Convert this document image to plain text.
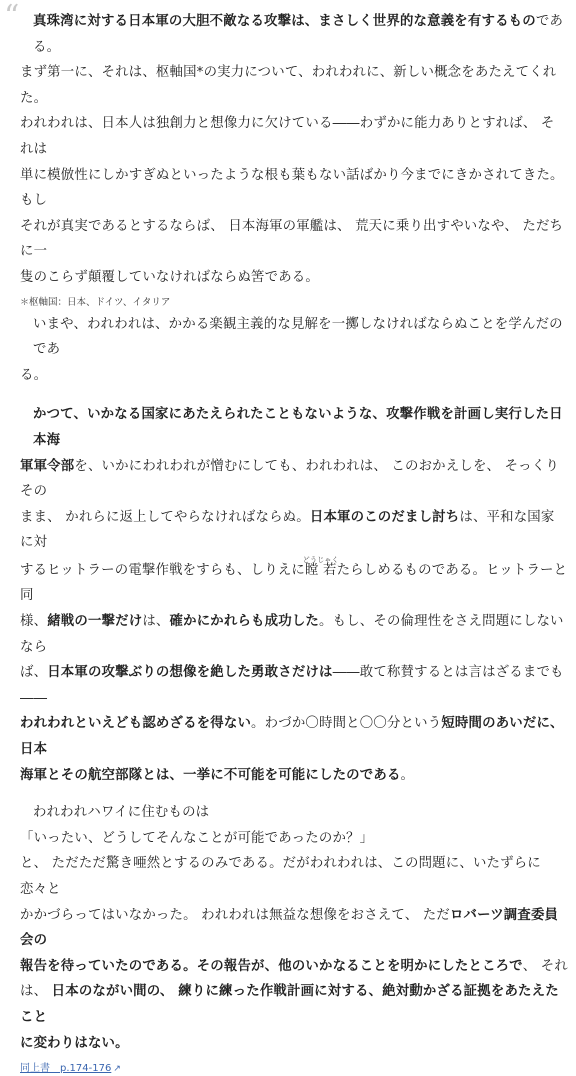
“	真珠湾に対する日本軍の大胆不敵なる攻撃は、まさしく世界的な意義を有するものである。

まず第一に、それは、枢軸国*の実力について、われわれに、新しい概念をあたえてくれた。

われわれは、日本人は独創力と想像力に欠けている――わずかに能力ありとすれば、 それは

単に模倣性にしかすぎぬといったような根も葉もない話ばかり今までにきかされてきた。もし

それが真実であるとするならば、 日本海軍の軍艦は、 荒天に乗り出すやいなや、 ただちに一

隻のこらず顛覆していなければならぬ筈である。

＊枢軸国：日本、ドイツ、イタリア

いまや、われわれは、かかる楽観主義的な見解を一擲しなければならぬことを学んだのであ

る。

かつて、いかなる国家にあたえられたこともないような、攻撃作戦を計画し実行した日本海

軍軍令部を、いかにわれわれが憎むにしても、われわれは、 このおかえしを、 そっくりその

まま、 かれらに返上してやらなければならぬ。日本軍のこのだまし討ちは、平和な国家に対

するヒットラーの電撃作戦をすらも、しりえに瞠若どうじゃくたらしめるものである。ヒットラーと同

様、緒戦の一撃だけは、確かにかれらも成功した。もし、その倫理性をさえ問題にしないなら

ば、日本軍の攻撃ぶりの想像を絶した勇敢さだけは――敢て称賛するとは言はざるまでも――

われわれといえども認めざるを得ない。わづか〇時間と〇〇分という短時間のあいだに、日本

海軍とその航空部隊とは、一挙に不可能を可能にしたのである。

われわれハワイに住むものは

「いったい、どうしてそんなことが可能であったのか？」

と、 ただただ驚き唖然とするのみである。だがわれわれは、この問題に、いたずらに恋々と

かかづらってはいなかった。 われわれは無益な想像をおさえて、 ただロバーツ調査委員会の

報告を待っていたのである。その報告が、他のいかなることを明かにしたところで、 それ

は、 日本のながい間の、 練りに練った作戦計画に対する、絶対動かざる証拠をあたえたこと

に変わりはない。

同上書　p.174-176 ↗
